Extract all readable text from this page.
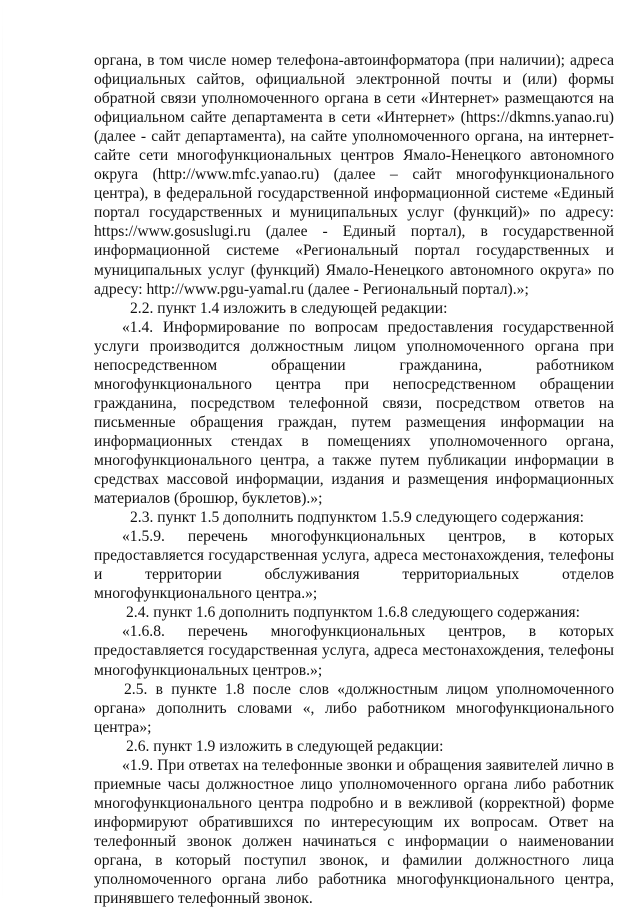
органа, в том числе номер телефона-автоинформатора (при наличии); адреса официальных сайтов, официальной электронной почты и (или) формы обратной связи уполномоченного органа в сети «Интернет» размещаются на официальном сайте департамента в сети «Интернет» (https://dkmns.yanao.ru) (далее - сайт департамента), на сайте уполномоченного органа, на интернет-сайте сети многофункциональных центров Ямало-Ненецкого автономного округа (http://www.mfc.yanao.ru) (далее – сайт многофункционального центра), в федеральной государственной информационной системе «Единый портал государственных и муниципальных услуг (функций)» по адресу: https://www.gosuslugi.ru (далее - Единый портал), в государственной информационной системе «Региональный портал государственных и муниципальных услуг (функций) Ямало-Ненецкого автономного округа» по адресу: http://www.pgu-yamal.ru (далее - Региональный портал).»;

2.2. пункт 1.4 изложить в следующей редакции:

«1.4. Информирование по вопросам предоставления государственной услуги производится должностным лицом уполномоченного органа при непосредственном обращении гражданина, работником многофункционального центра при непосредственном обращении гражданина, посредством телефонной связи, посредством ответов на письменные обращения граждан, путем размещения информации на информационных стендах в помещениях уполномоченного органа, многофункционального центра, а также путем публикации информации в средствах массовой информации, издания и размещения информационных материалов (брошюр, буклетов).»;

2.3. пункт 1.5 дополнить подпунктом 1.5.9 следующего содержания:

«1.5.9. перечень многофункциональных центров, в которых предоставляется государственная услуга, адреса местонахождения, телефоны и территории обслуживания территориальных отделов многофункционального центра.»;

2.4. пункт 1.6 дополнить подпунктом 1.6.8 следующего содержания:

«1.6.8. перечень многофункциональных центров, в которых предоставляется государственная услуга, адреса местонахождения, телефоны многофункциональных центров.»;

2.5. в пункте 1.8 после слов «должностным лицом уполномоченного органа» дополнить словами «, либо работником многофункционального центра»;

2.6. пункт 1.9 изложить в следующей редакции:

«1.9. При ответах на телефонные звонки и обращения заявителей лично в приемные часы должностное лицо уполномоченного органа либо работник многофункционального центра подробно и в вежливой (корректной) форме информируют обратившихся по интересующим их вопросам. Ответ на телефонный звонок должен начинаться с информации о наименовании органа, в который поступил звонок, и фамилии должностного лица уполномоченного органа либо работника многофункционального центра, принявшего телефонный звонок.
